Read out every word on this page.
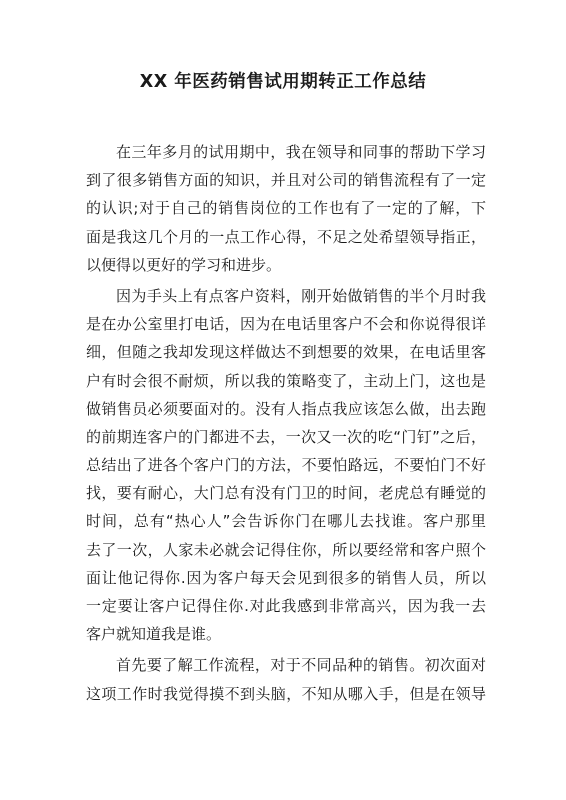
XX 年医药销售试用期转正工作总结
在三年多月的试用期中，我在领导和同事的帮助下学习
到了很多销售方面的知识，并且对公司的销售流程有了一定
的认识;对于自己的销售岗位的工作也有了一定的了解，下
面是我这几个月的一点工作心得，不足之处希望领导指正，
以便得以更好的学习和进步。
因为手头上有点客户资料，刚开始做销售的半个月时我
是在办公室里打电话，因为在电话里客户不会和你说得很详
细，但随之我却发现这样做达不到想要的效果，在电话里客
户有时会很不耐烦，所以我的策略变了，主动上门，这也是
做销售员必须要面对的。没有人指点我应该怎么做，出去跑
的前期连客户的门都进不去，一次又一次的吃“门钉”之后，
总结出了进各个客户门的方法，不要怕路远，不要怕门不好
找，要有耐心，大门总有没有门卫的时间，老虎总有睡觉的
时间，总有“热心人”会告诉你门在哪儿去找谁。客户那里
去了一次，人家未必就会记得住你，所以要经常和客户照个
面让他记得你.因为客户每天会见到很多的销售人员，所以
一定要让客户记得住你.对此我感到非常高兴，因为我一去
客户就知道我是谁。
首先要了解工作流程，对于不同品种的销售。初次面对
这项工作时我觉得摸不到头脑，不知从哪入手，但是在领导
